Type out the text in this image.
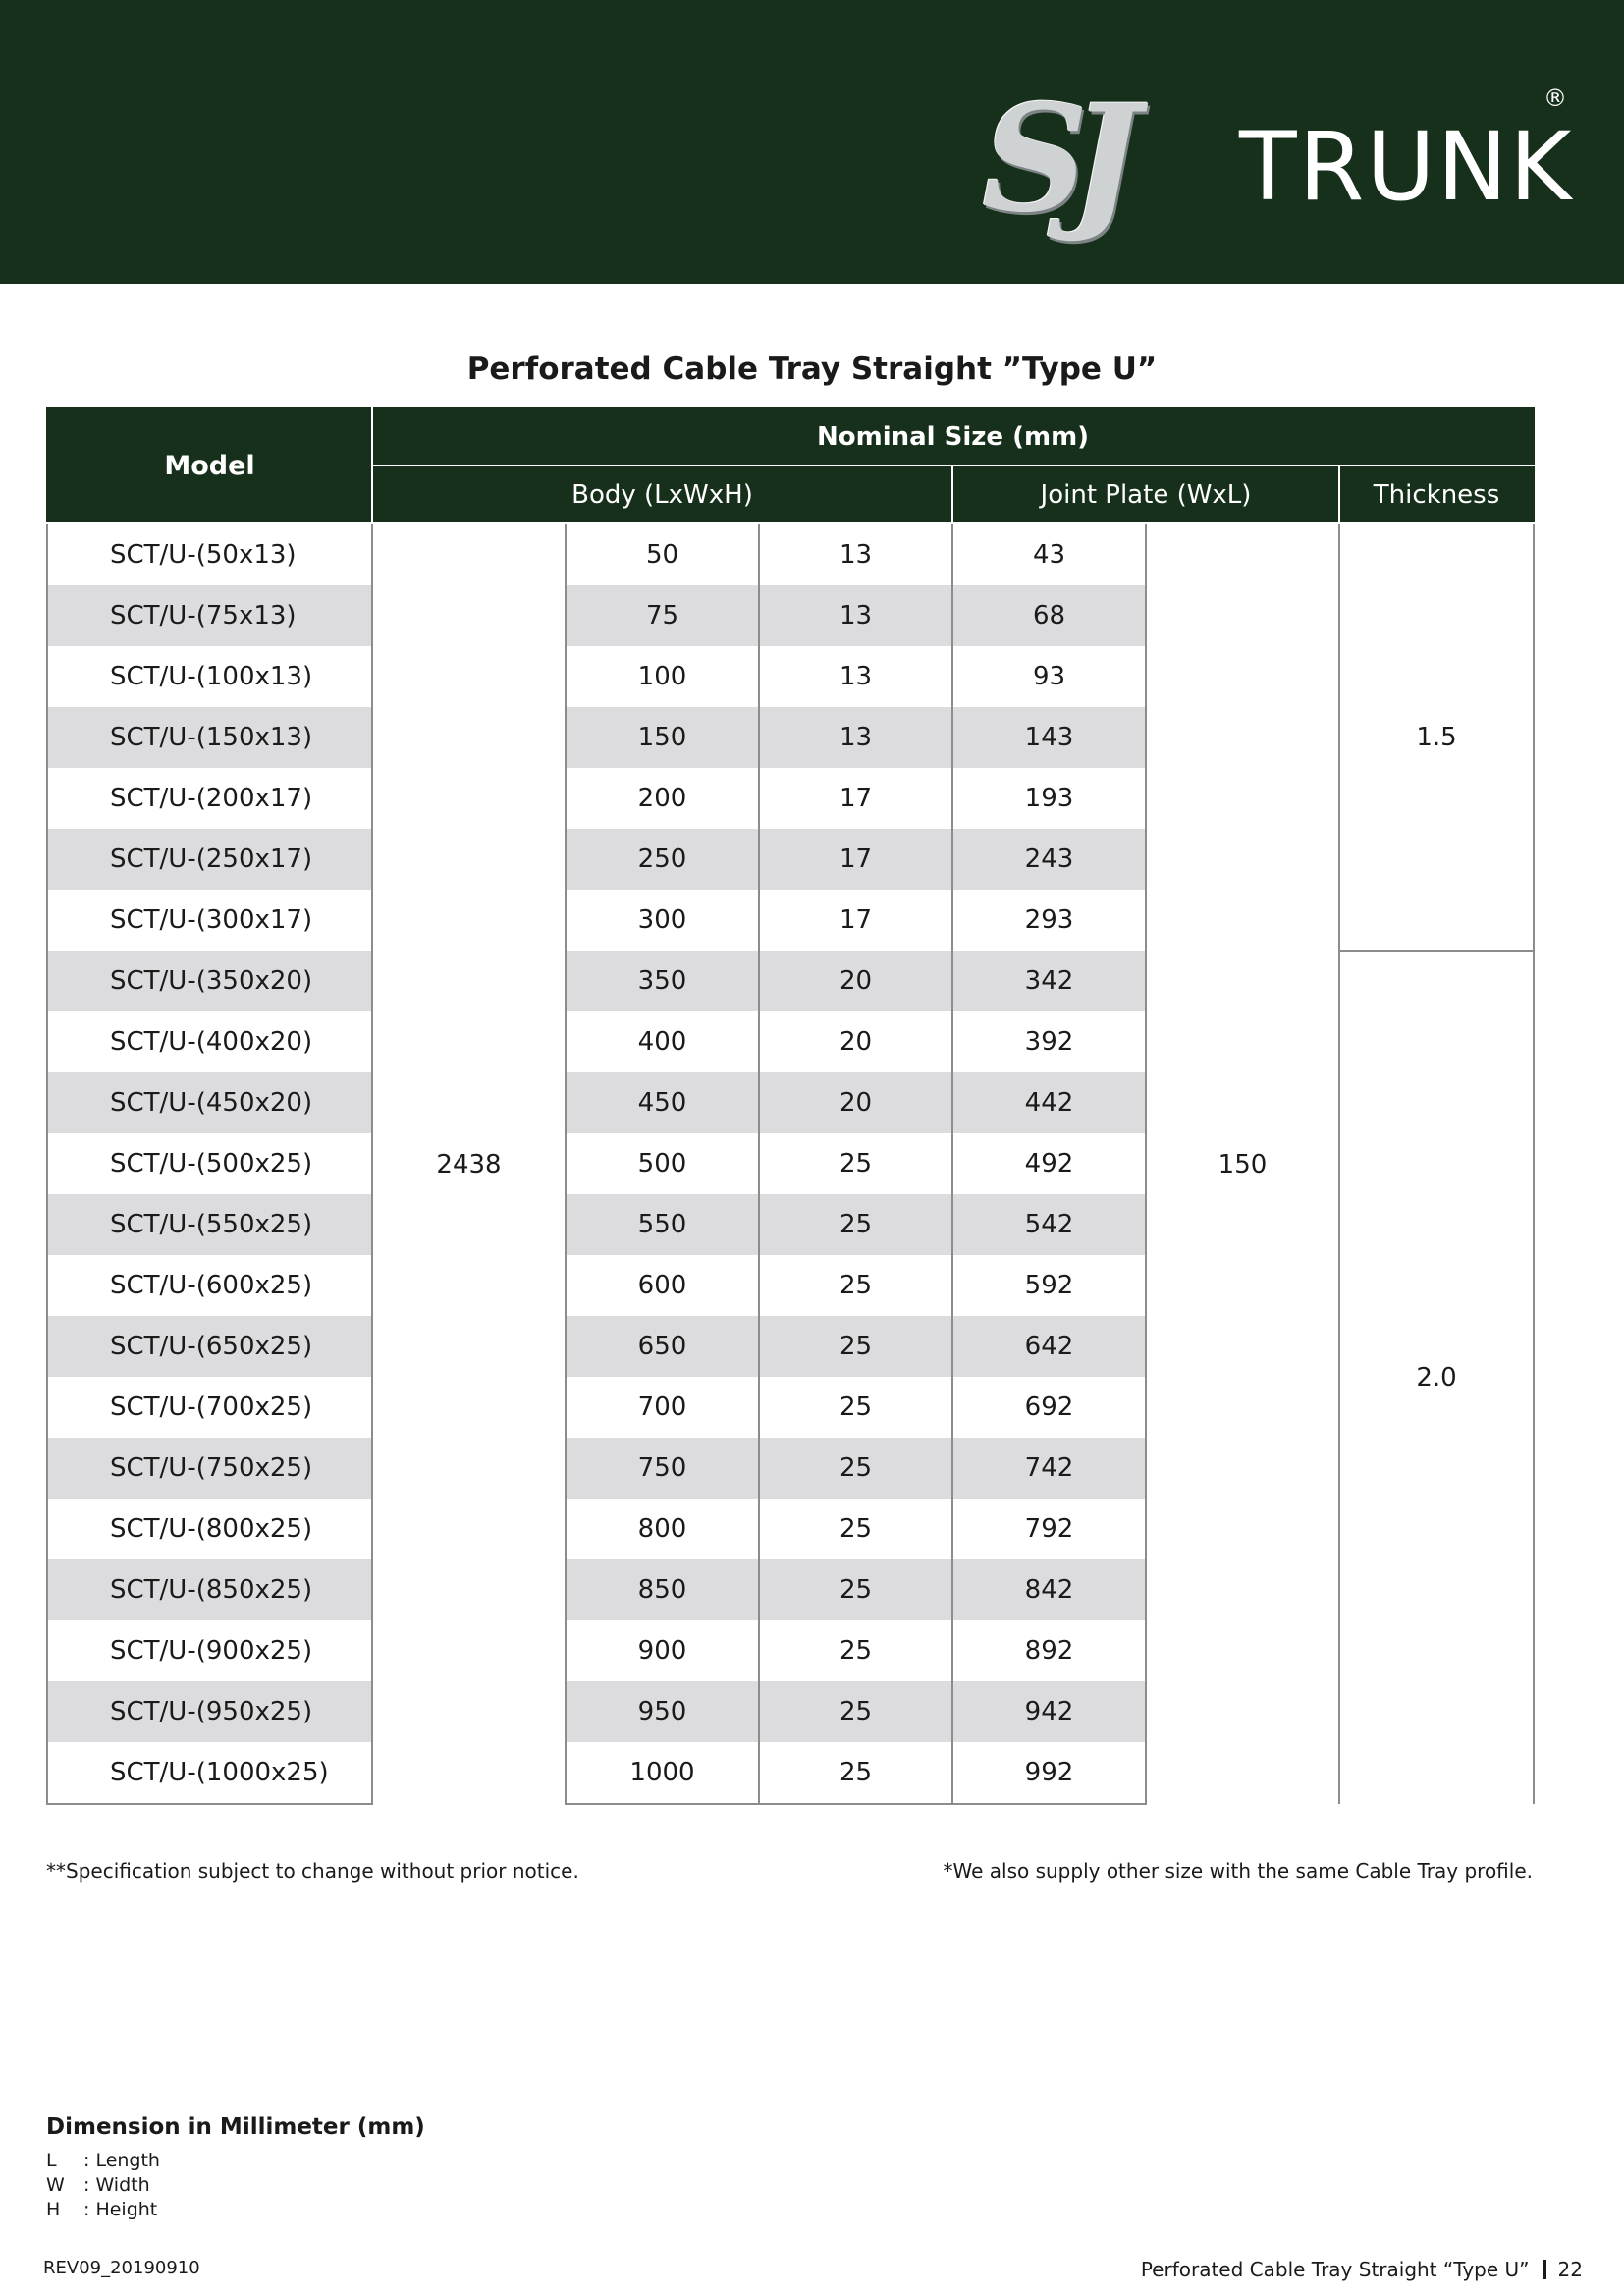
SJ TRUNK
®
Perforated Cable Tray Straight ”Type U”
Model	Nominal Size (mm)					
	Body (LxWxH)			Joint Plate (WxL)		Thickness
SCT/U-(50x13)	2438	50	13	43	150	1.5
SCT/U-(75x13)		75	13	68		
SCT/U-(100x13)		100	13	93		
SCT/U-(150x13)		150	13	143		
SCT/U-(200x17)		200	17	193		
SCT/U-(250x17)		250	17	243		
SCT/U-(300x17)		300	17	293		
SCT/U-(350x20)		350	20	342		2.0
SCT/U-(400x20)		400	20	392		
SCT/U-(450x20)		450	20	442		
SCT/U-(500x25)		500	25	492		
SCT/U-(550x25)		550	25	542		
SCT/U-(600x25)		600	25	592		
SCT/U-(650x25)		650	25	642		
SCT/U-(700x25)		700	25	692		
SCT/U-(750x25)		750	25	742		
SCT/U-(800x25)		800	25	792		
SCT/U-(850x25)		850	25	842		
SCT/U-(900x25)		900	25	892		
SCT/U-(950x25)		950	25	942		
SCT/U-(1000x25)		1000	25	992		
**Specification subject to change without prior notice.	*We also supply other size with the same Cable Tray profile.
Dimension in Millimeter (mm)
L	: Length
W	: Width
H	: Height
REV09_20190910	Perforated Cable Tray Straight “Type U” 22
